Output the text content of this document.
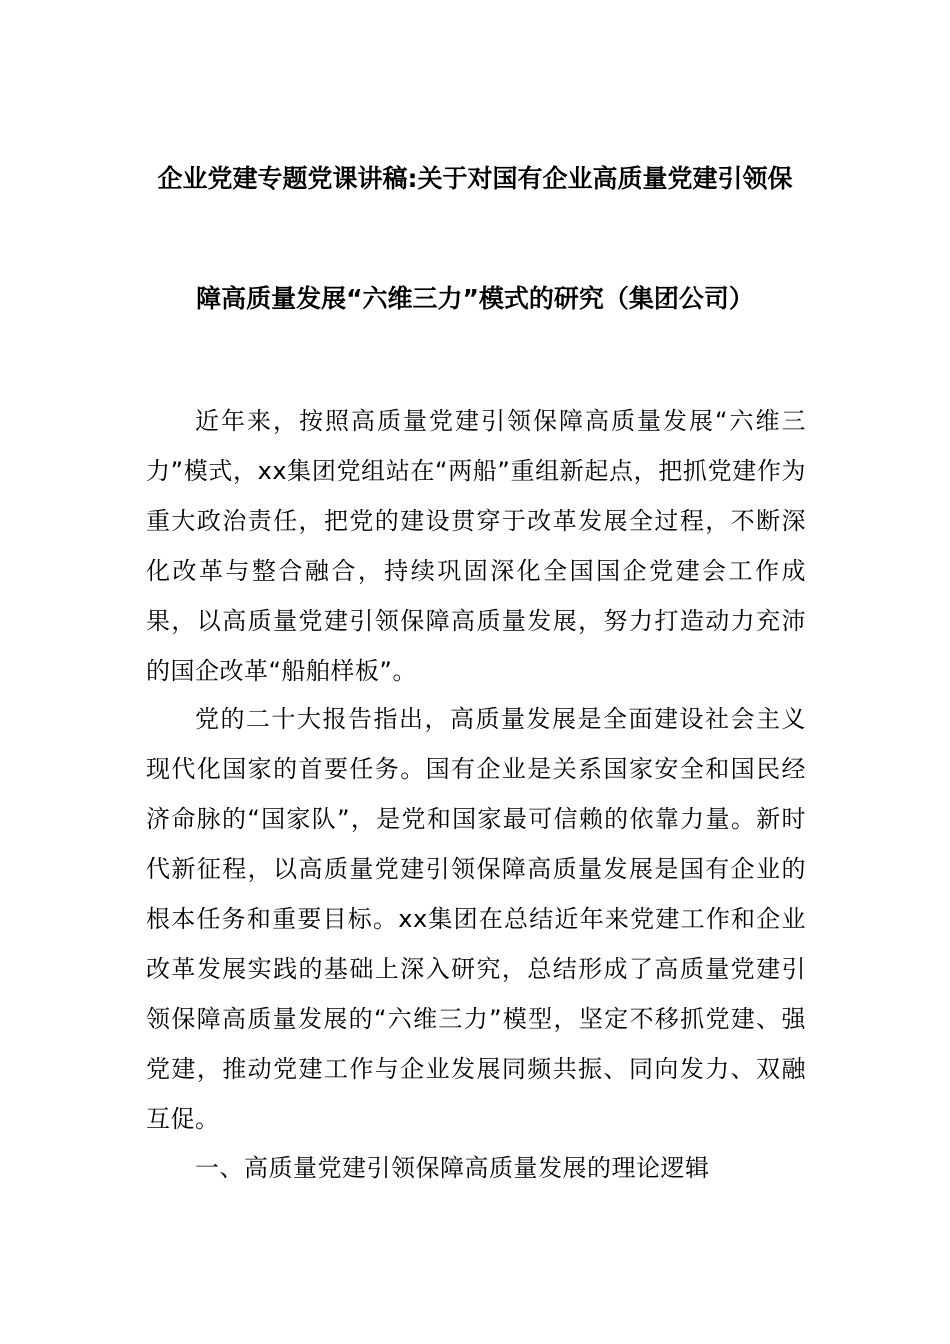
企业党建专题党课讲稿:关于对国有企业高质量党建引领保
障高质量发展“六维三力”模式的研究（集团公司）

近年来，按照高质量党建引领保障高质量发展“六维三力”模式，xx集团党组站在“两船”重组新起点，把抓党建作为重大政治责任，把党的建设贯穿于改革发展全过程，不断深化改革与整合融合，持续巩固深化全国国企党建会工作成果，以高质量党建引领保障高质量发展，努力打造动力充沛的国企改革“船舶样板”。

党的二十大报告指出，高质量发展是全面建设社会主义现代化国家的首要任务。国有企业是关系国家安全和国民经济命脉的“国家队”，是党和国家最可信赖的依靠力量。新时代新征程，以高质量党建引领保障高质量发展是国有企业的根本任务和重要目标。xx集团在总结近年来党建工作和企业改革发展实践的基础上深入研究，总结形成了高质量党建引领保障高质量发展的“六维三力”模型，坚定不移抓党建、强党建，推动党建工作与企业发展同频共振、同向发力、双融互促。

一、高质量党建引领保障高质量发展的理论逻辑
